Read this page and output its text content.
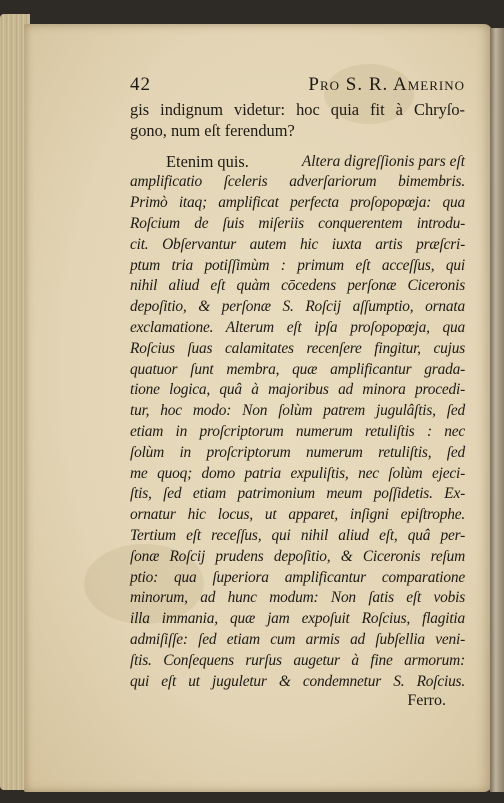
42	Pro S. R. Amerino
gis indignum videtur: hoc quia fit à Chryſo-
gono, num eſt ferendum?
Etenim quis.	Altera digreſſionis pars eſt
amplificatio ſceleris adverſariorum bimembris.
Primò itaq; amplificat perfecta proſopopœja: qua
Roſcium de ſuis miſeriis conquerentem introdu-
cit. Obſervantur autem hic iuxta artis præſcri-
ptum tria potiſſimùm : primum eſt acceſſus, qui
nihil aliud eſt quàm cōcedens perſonæ Ciceronis
depoſitio, & perſonæ S. Roſcij aſſumptio, ornata
exclamatione. Alterum eſt ipſa proſopopœja, qua
Roſcius ſuas calamitates recenſere fingitur, cujus
quatuor ſunt membra, quæ amplificantur grada-
tione logica, quâ à majoribus ad minora procedi-
tur, hoc modo: Non ſolùm patrem jugulâſtis, ſed
etiam in proſcriptorum numerum retuliſtis : nec
ſolùm in proſcriptorum numerum retuliſtis, ſed
me quoq; domo patria expuliſtis, nec ſolùm ejeci-
ſtis, ſed etiam patrimonium meum poſſidetis. Ex-
ornatur hic locus, ut apparet, inſigni epiſtrophe.
Tertium eſt receſſus, qui nihil aliud eſt, quâ per-
ſonæ Roſcij prudens depoſitio, & Ciceronis reſum
ptio: qua ſuperiora amplificantur comparatione
minorum, ad hunc modum: Non ſatis eſt vobis
illa immania, quæ jam expoſuit Roſcius, flagitia
admiſiſſe: ſed etiam cum armis ad ſubſellia veni-
ſtis. Conſequens rurſus augetur à fine armorum:
qui eſt ut juguletur & condemnetur S. Roſcius.
Ferro.
